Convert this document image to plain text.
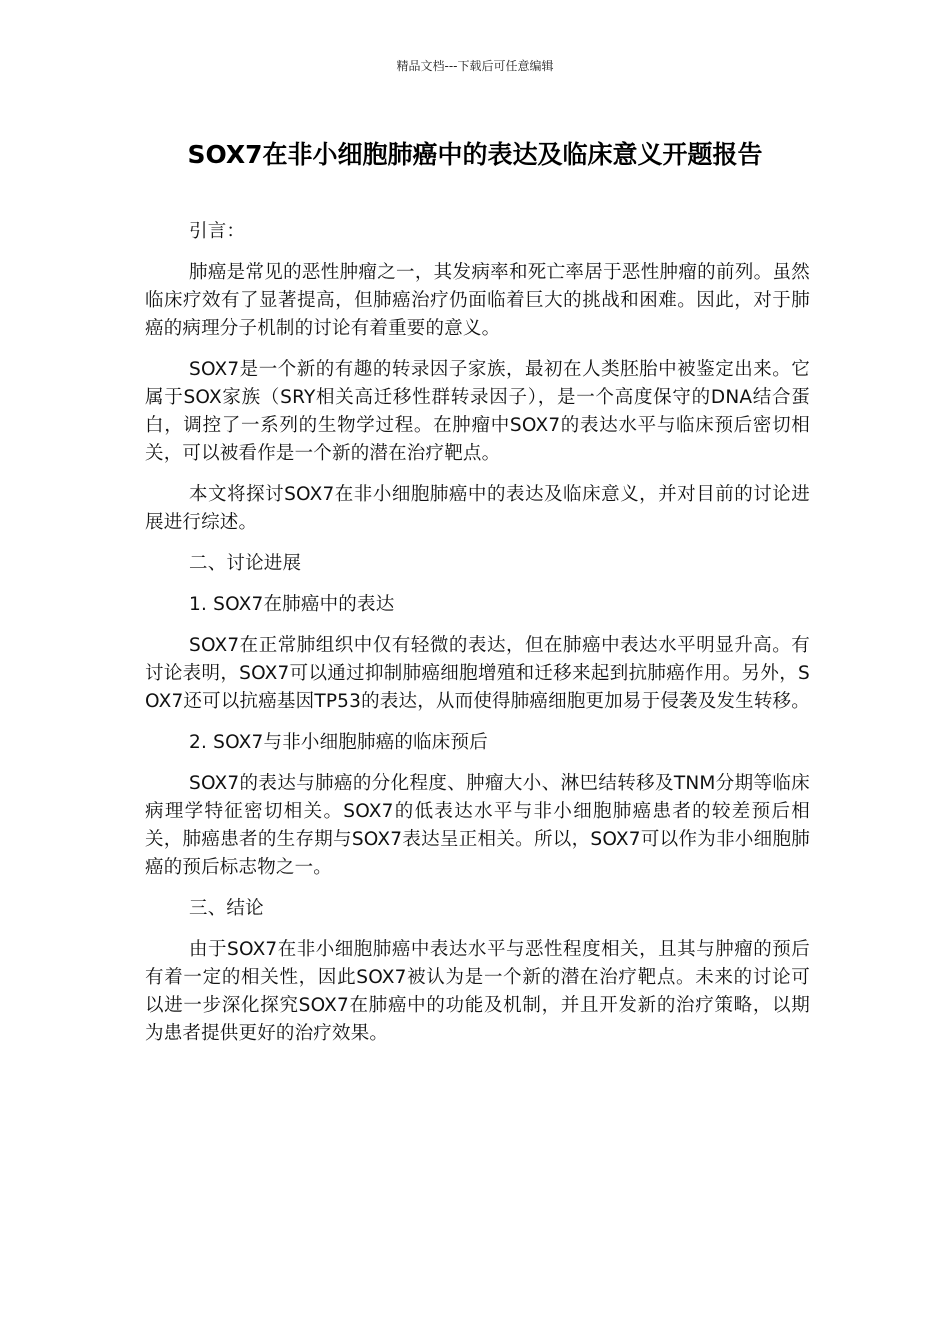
精品文档---下载后可任意编辑
SOX7在非小细胞肺癌中的表达及临床意义开题报告

引言：

肺癌是常见的恶性肿瘤之一，其发病率和死亡率居于恶性肿瘤的前列。虽然临床疗效有了显著提高，但肺癌治疗仍面临着巨大的挑战和困难。因此，对于肺癌的病理分子机制的讨论有着重要的意义。

SOX7是一个新的有趣的转录因子家族，最初在人类胚胎中被鉴定出来。它属于SOX家族（SRY相关高迁移性群转录因子），是一个高度保守的DNA结合蛋白，调控了一系列的生物学过程。在肿瘤中SOX7的表达水平与临床预后密切相关，可以被看作是一个新的潜在治疗靶点。

本文将探讨SOX7在非小细胞肺癌中的表达及临床意义，并对目前的讨论进展进行综述。

二、讨论进展

1. SOX7在肺癌中的表达

SOX7在正常肺组织中仅有轻微的表达，但在肺癌中表达水平明显升高。有讨论表明，SOX7可以通过抑制肺癌细胞增殖和迁移来起到抗肺癌作用。另外，SOX7还可以抗癌基因TP53的表达，从而使得肺癌细胞更加易于侵袭及发生转移。

2. SOX7与非小细胞肺癌的临床预后

SOX7的表达与肺癌的分化程度、肿瘤大小、淋巴结转移及TNM分期等临床病理学特征密切相关。SOX7的低表达水平与非小细胞肺癌患者的较差预后相关，肺癌患者的生存期与SOX7表达呈正相关。所以，SOX7可以作为非小细胞肺癌的预后标志物之一。

三、结论

由于SOX7在非小细胞肺癌中表达水平与恶性程度相关，且其与肿瘤的预后有着一定的相关性，因此SOX7被认为是一个新的潜在治疗靶点。未来的讨论可以进一步深化探究SOX7在肺癌中的功能及机制，并且开发新的治疗策略，以期为患者提供更好的治疗效果。
